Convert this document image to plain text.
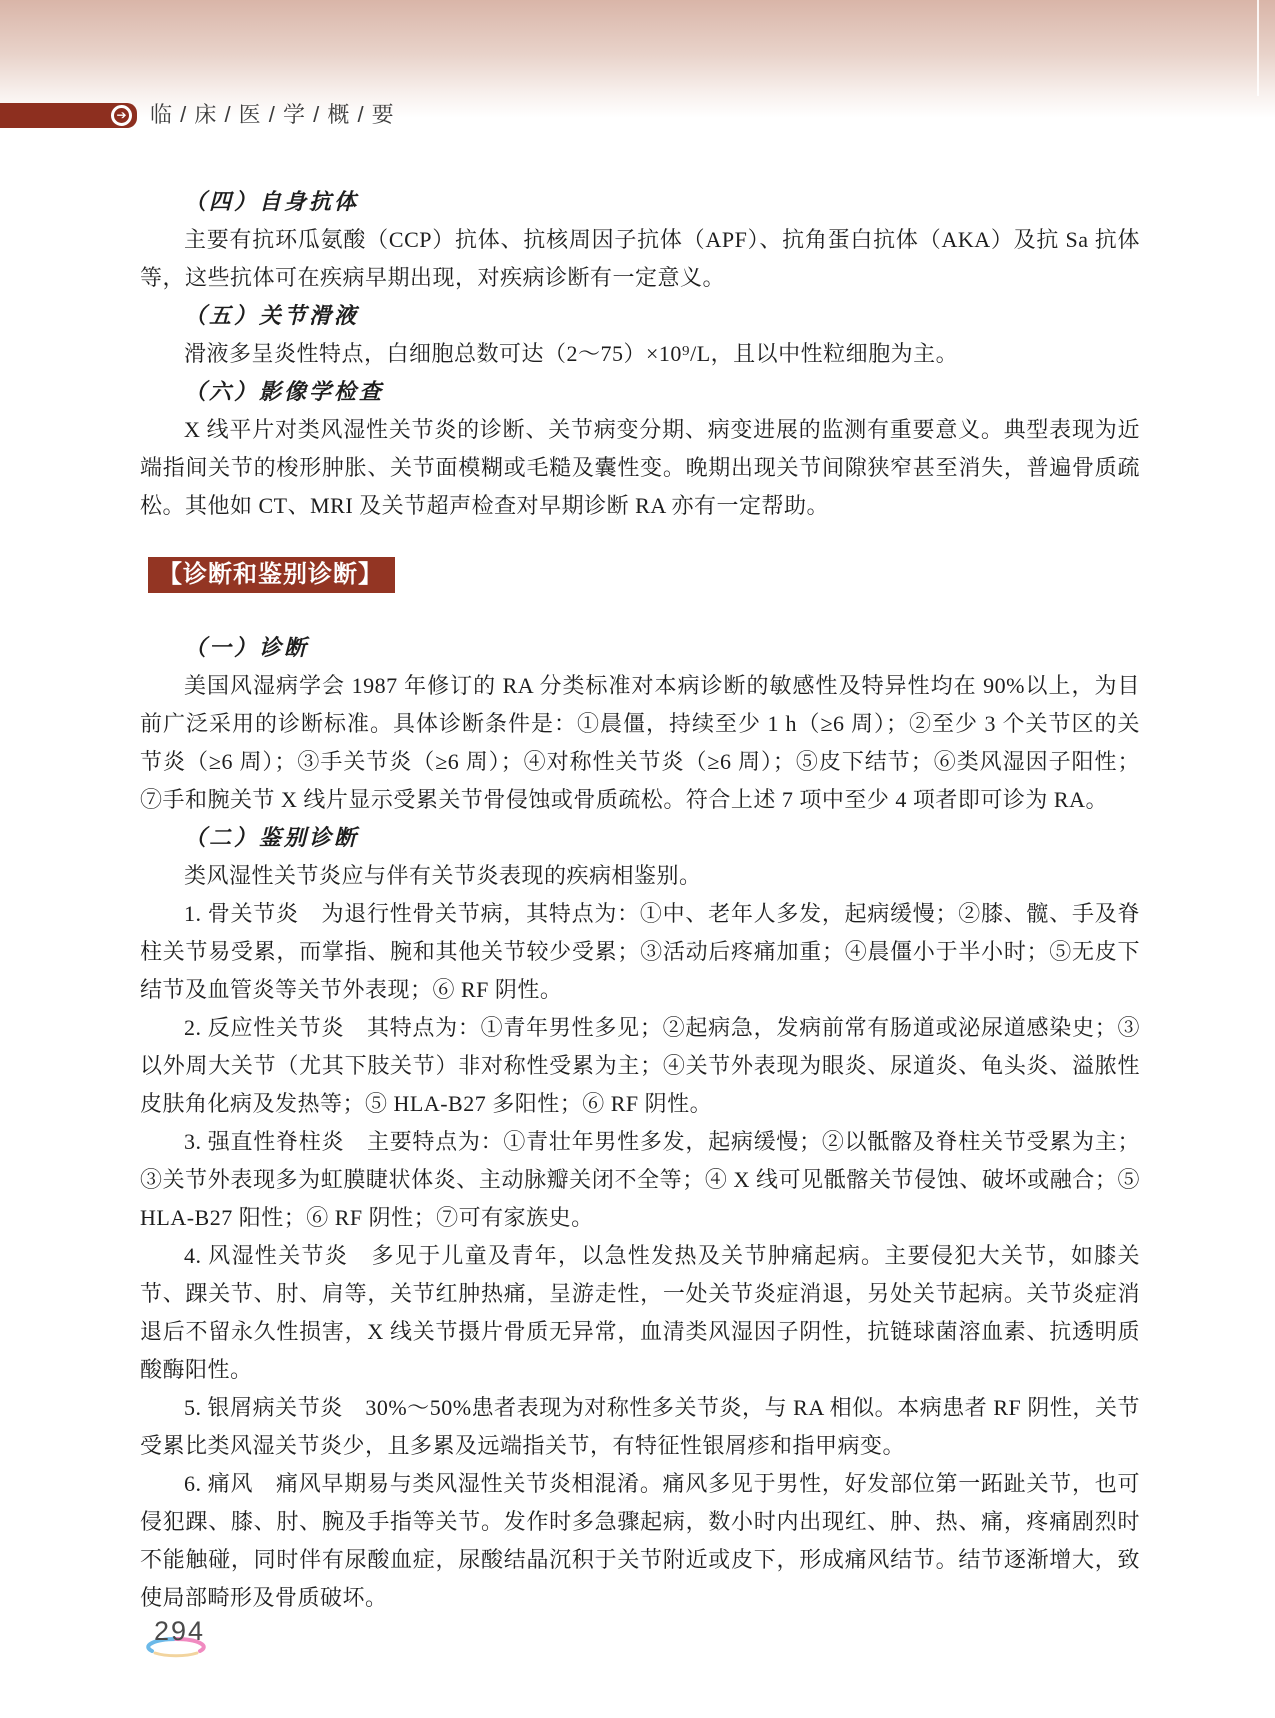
➔ 临 / 床 / 医 / 学 / 概 / 要

（四）自身抗体

主要有抗环瓜氨酸（CCP）抗体、抗核周因子抗体（APF）、抗角蛋白抗体（AKA）及抗 Sa 抗体等，这些抗体可在疾病早期出现，对疾病诊断有一定意义。

（五）关节滑液

滑液多呈炎性特点，白细胞总数可达（2～75）×10⁹/L，且以中性粒细胞为主。

（六）影像学检查

X 线平片对类风湿性关节炎的诊断、关节病变分期、病变进展的监测有重要意义。典型表现为近端指间关节的梭形肿胀、关节面模糊或毛糙及囊性变。晚期出现关节间隙狭窄甚至消失，普遍骨质疏松。其他如 CT、MRI 及关节超声检查对早期诊断 RA 亦有一定帮助。

【诊断和鉴别诊断】

（一）诊断

美国风湿病学会 1987 年修订的 RA 分类标准对本病诊断的敏感性及特异性均在 90%以上，为目前广泛采用的诊断标准。具体诊断条件是：①晨僵，持续至少 1 h（≥6 周）；②至少 3 个关节区的关节炎（≥6 周）；③手关节炎（≥6 周）；④对称性关节炎（≥6 周）；⑤皮下结节；⑥类风湿因子阳性；⑦手和腕关节 X 线片显示受累关节骨侵蚀或骨质疏松。符合上述 7 项中至少 4 项者即可诊为 RA。

（二）鉴别诊断

类风湿性关节炎应与伴有关节炎表现的疾病相鉴别。

1. 骨关节炎　为退行性骨关节病，其特点为：①中、老年人多发，起病缓慢；②膝、髋、手及脊柱关节易受累，而掌指、腕和其他关节较少受累；③活动后疼痛加重；④晨僵小于半小时；⑤无皮下结节及血管炎等关节外表现；⑥ RF 阴性。

2. 反应性关节炎　其特点为：①青年男性多见；②起病急，发病前常有肠道或泌尿道感染史；③以外周大关节（尤其下肢关节）非对称性受累为主；④关节外表现为眼炎、尿道炎、龟头炎、溢脓性皮肤角化病及发热等；⑤ HLA-B27 多阳性；⑥ RF 阴性。

3. 强直性脊柱炎　主要特点为：①青壮年男性多发，起病缓慢；②以骶髂及脊柱关节受累为主；③关节外表现多为虹膜睫状体炎、主动脉瓣关闭不全等；④ X 线可见骶髂关节侵蚀、破坏或融合；⑤ HLA-B27 阳性；⑥ RF 阴性；⑦可有家族史。

4. 风湿性关节炎　多见于儿童及青年，以急性发热及关节肿痛起病。主要侵犯大关节，如膝关节、踝关节、肘、肩等，关节红肿热痛，呈游走性，一处关节炎症消退，另处关节起病。关节炎症消退后不留永久性损害，X 线关节摄片骨质无异常，血清类风湿因子阴性，抗链球菌溶血素、抗透明质酸酶阳性。

5. 银屑病关节炎　30%～50%患者表现为对称性多关节炎，与 RA 相似。本病患者 RF 阴性，关节受累比类风湿关节炎少，且多累及远端指关节，有特征性银屑疹和指甲病变。

6. 痛风　痛风早期易与类风湿性关节炎相混淆。痛风多见于男性，好发部位第一跖趾关节，也可侵犯踝、膝、肘、腕及手指等关节。发作时多急骤起病，数小时内出现红、肿、热、痛，疼痛剧烈时不能触碰，同时伴有尿酸血症，尿酸结晶沉积于关节附近或皮下，形成痛风结节。结节逐渐增大，致使局部畸形及骨质破坏。

294
